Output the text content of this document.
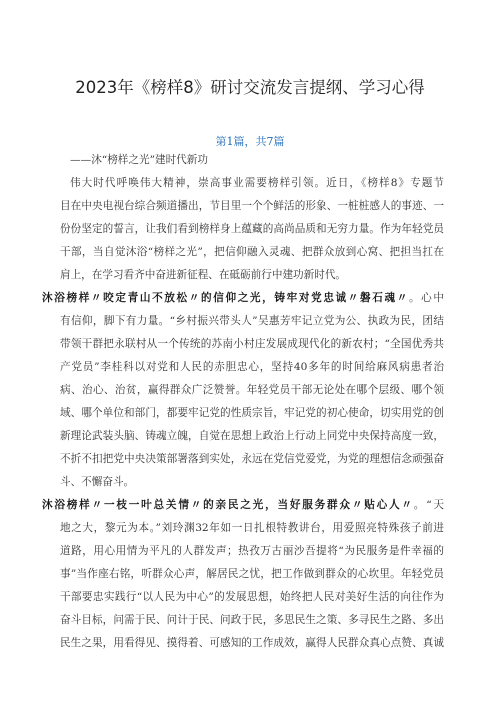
2023年《榜样8》研讨交流发言提纲、学习心得
第1篇，共7篇
——沐“榜样之光”建时代新功
伟大时代呼唤伟大精神，崇高事业需要榜样引领。近日，《榜样8》专题节
目在中央电视台综合频道播出，节目里一个个鲜活的形象、一桩桩感人的事迹、一
份份坚定的誓言，让我们看到榜样身上蕴藏的高尚品质和无穷力量。作为年轻党员
干部，当自觉沐浴“榜样之光”，把信仰融入灵魂、把群众放到心窝、把担当扛在
肩上，在学习看齐中奋进新征程、在砥砺前行中建功新时代。
沐浴榜样〃咬定青山不放松〃的信仰之光，铸牢对党忠诚〃磐石魂〃。心中
有信仰，脚下有力量。“乡村振兴带头人”吴惠芳牢记立党为公、执政为民，团结
带领干群把永联村从一个传统的苏南小村庄发展成现代化的新农村；“全国优秀共
产党员”李桂科以对党和人民的赤胆忠心，坚持40多年的时间给麻风病患者治
病、治心、治贫，赢得群众广泛赞誉。年轻党员干部无论处在哪个层级、哪个领
域、哪个单位和部门，都要牢记党的性质宗旨，牢记党的初心使命，切实用党的创
新理论武装头脑、铸魂立魄，自觉在思想上政治上行动上同党中央保持高度一致，
不折不扣把党中央决策部署落到实处，永远在党信党爱党，为党的理想信念顽强奋
斗、不懈奋斗。
沐浴榜样〃一枝一叶总关情〃的亲民之光，当好服务群众〃贴心人〃。“天
地之大，黎元为本。”刘玲渊32年如一日扎根特教讲台，用爱照亮特殊孩子前进
道路，用心用情为平凡的人群发声；热孜万古丽沙吾提将“为民服务是件幸福的
事”当作座右铭，听群众心声，解居民之忧，把工作做到群众的心坎里。年轻党员
干部要忠实践行“以人民为中心”的发展思想，始终把人民对美好生活的向往作为
奋斗目标，问需于民、问计于民、问政于民，多思民生之策、多寻民生之路、多出
民生之果，用看得见、摸得着、可感知的工作成效，赢得人民群众真心点赞、真诚
